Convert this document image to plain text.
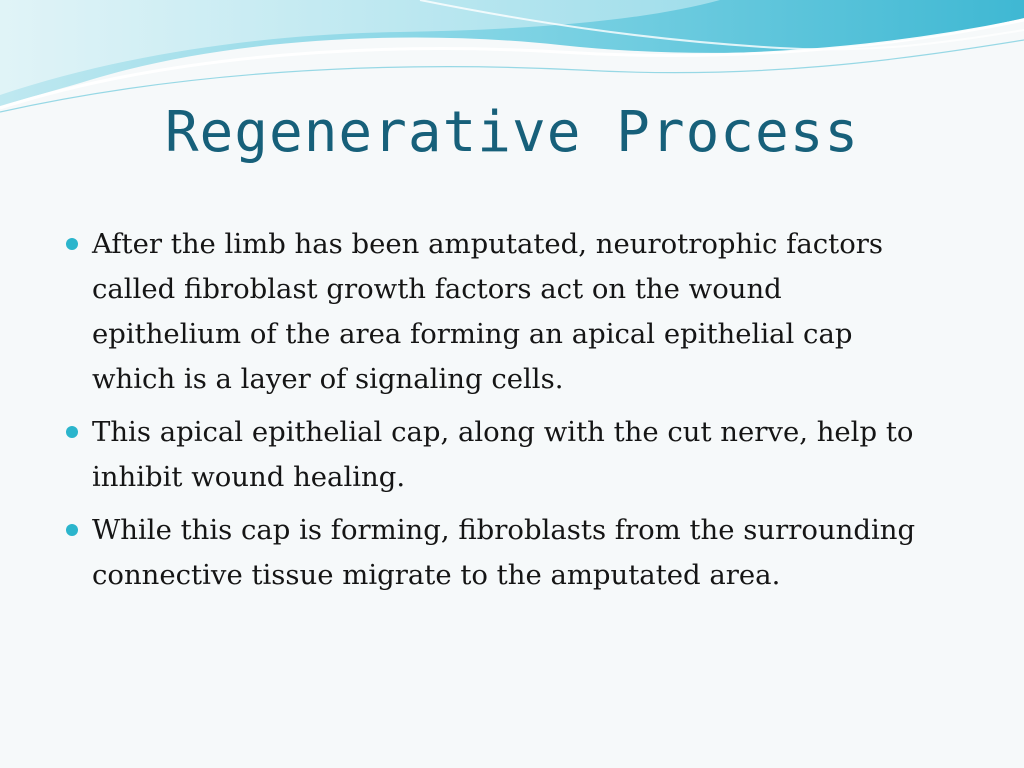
Regenerative Process
After the limb has been amputated, neurotrophic factors called fibroblast growth factors act on the wound epithelium of the area forming an apical epithelial cap which is a layer of signaling cells.
This apical epithelial cap, along with the cut nerve, help to inhibit wound healing.
While this cap is forming, fibroblasts from the surrounding connective tissue migrate to the amputated area.
